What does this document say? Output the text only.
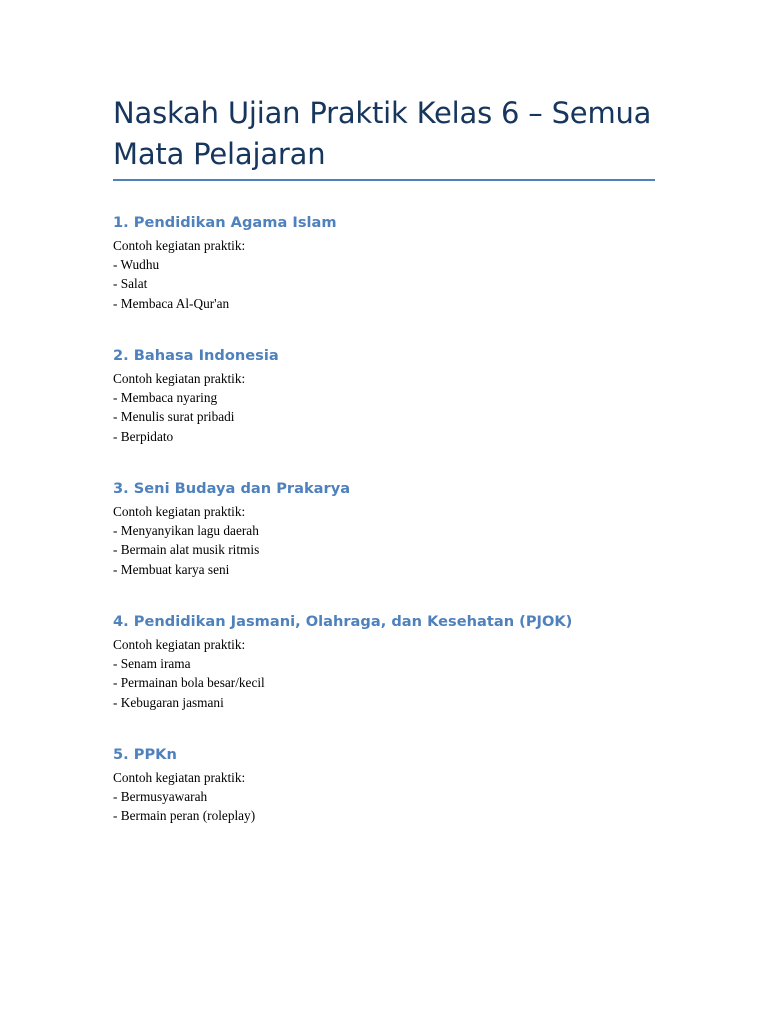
Naskah Ujian Praktik Kelas 6 – Semua Mata Pelajaran
1. Pendidikan Agama Islam
Contoh kegiatan praktik:
- Wudhu
- Salat
- Membaca Al-Qur'an
2. Bahasa Indonesia
Contoh kegiatan praktik:
- Membaca nyaring
- Menulis surat pribadi
- Berpidato
3. Seni Budaya dan Prakarya
Contoh kegiatan praktik:
- Menyanyikan lagu daerah
- Bermain alat musik ritmis
- Membuat karya seni
4. Pendidikan Jasmani, Olahraga, dan Kesehatan (PJOK)
Contoh kegiatan praktik:
- Senam irama
- Permainan bola besar/kecil
- Kebugaran jasmani
5. PPKn
Contoh kegiatan praktik:
- Bermusyawarah
- Bermain peran (roleplay)
